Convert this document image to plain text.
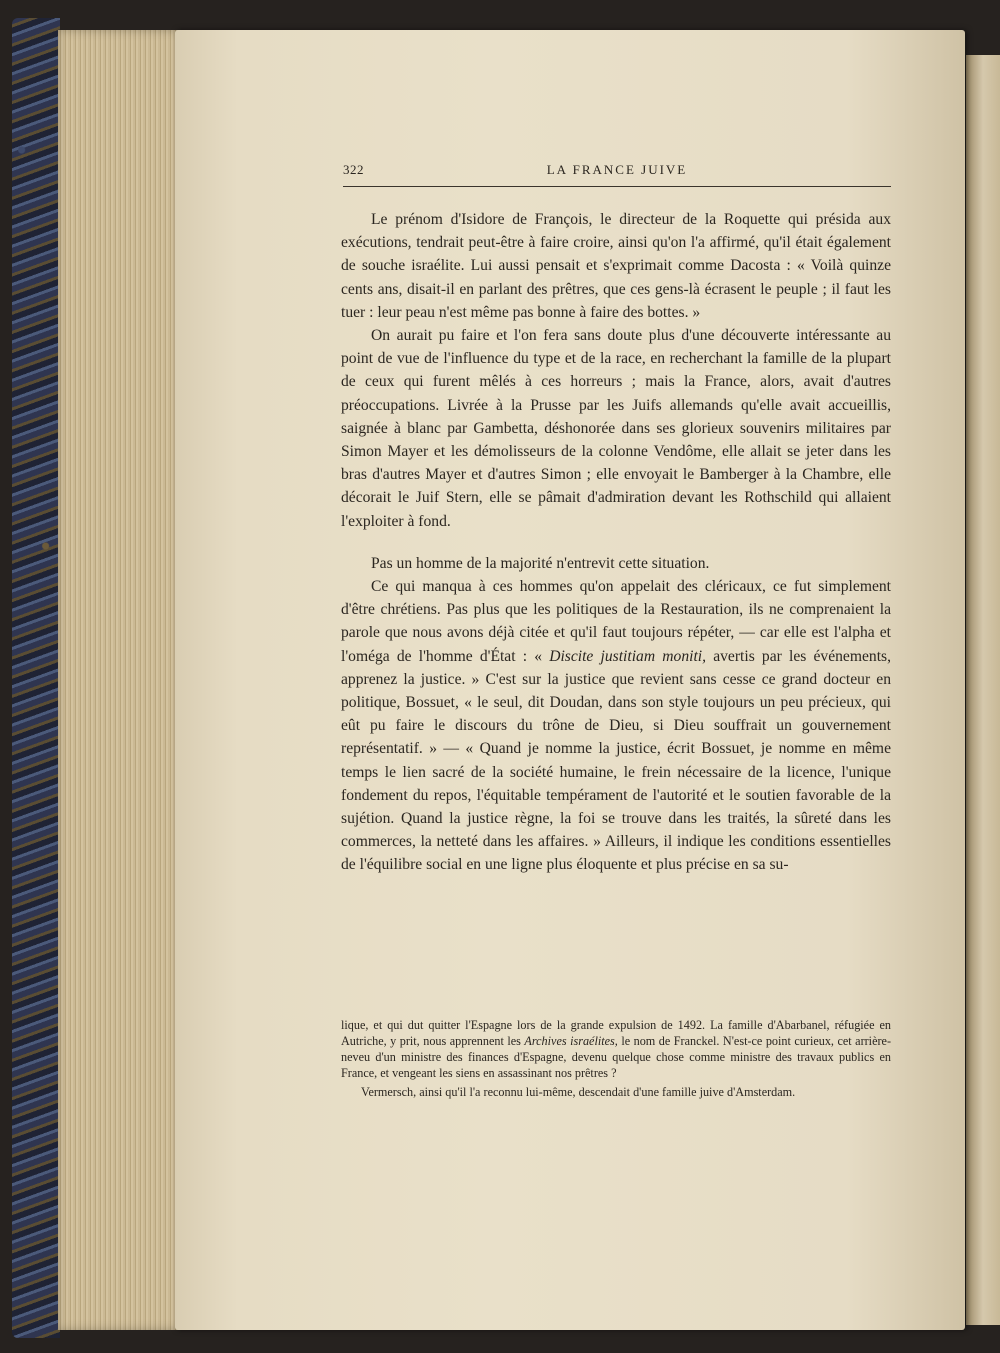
322	LA FRANCE JUIVE

Le prénom d'Isidore de François, le directeur de la Roquette qui présida aux exécutions, tendrait peut-être à faire croire, ainsi qu'on l'a affirmé, qu'il était également de souche israélite. Lui aussi pensait et s'exprimait comme Dacosta : « Voilà quinze cents ans, disait-il en parlant des prêtres, que ces gens-là écrasent le peuple ; il faut les tuer : leur peau n'est même pas bonne à faire des bottes. »

On aurait pu faire et l'on fera sans doute plus d'une découverte intéressante au point de vue de l'influence du type et de la race, en recherchant la famille de la plupart de ceux qui furent mêlés à ces horreurs ; mais la France, alors, avait d'autres préoccupations. Livrée à la Prusse par les Juifs allemands qu'elle avait accueillis, saignée à blanc par Gambetta, déshonorée dans ses glorieux souvenirs militaires par Simon Mayer et les démolisseurs de la colonne Vendôme, elle allait se jeter dans les bras d'autres Mayer et d'autres Simon ; elle envoyait le Bamberger à la Chambre, elle décorait le Juif Stern, elle se pâmait d'admiration devant les Rothschild qui allaient l'exploiter à fond.

Pas un homme de la majorité n'entrevit cette situation.

Ce qui manqua à ces hommes qu'on appelait des cléricaux, ce fut simplement d'être chrétiens. Pas plus que les politiques de la Restauration, ils ne comprenaient la parole que nous avons déjà citée et qu'il faut toujours répéter, — car elle est l'alpha et l'oméga de l'homme d'État : « Discite justitiam moniti, avertis par les événements, apprenez la justice. » C'est sur la justice que revient sans cesse ce grand docteur en politique, Bossuet, « le seul, dit Doudan, dans son style toujours un peu précieux, qui eût pu faire le discours du trône de Dieu, si Dieu souffrait un gouvernement représentatif. » — « Quand je nomme la justice, écrit Bossuet, je nomme en même temps le lien sacré de la société humaine, le frein nécessaire de la licence, l'unique fondement du repos, l'équitable tempérament de l'autorité et le soutien favorable de la sujétion. Quand la justice règne, la foi se trouve dans les traités, la sûreté dans les commerces, la netteté dans les affaires. » Ailleurs, il indique les conditions essentielles de l'équilibre social en une ligne plus éloquente et plus précise en sa su-

lique, et qui dut quitter l'Espagne lors de la grande expulsion de 1492. La famille d'Abarbanel, réfugiée en Autriche, y prit, nous apprennent les Archives israélites, le nom de Franckel. N'est-ce point curieux, cet arrière-neveu d'un ministre des finances d'Espagne, devenu quelque chose comme ministre des travaux publics en France, et vengeant les siens en assassinant nos prêtres ?

Vermersch, ainsi qu'il l'a reconnu lui-même, descendait d'une famille juive d'Amsterdam.
